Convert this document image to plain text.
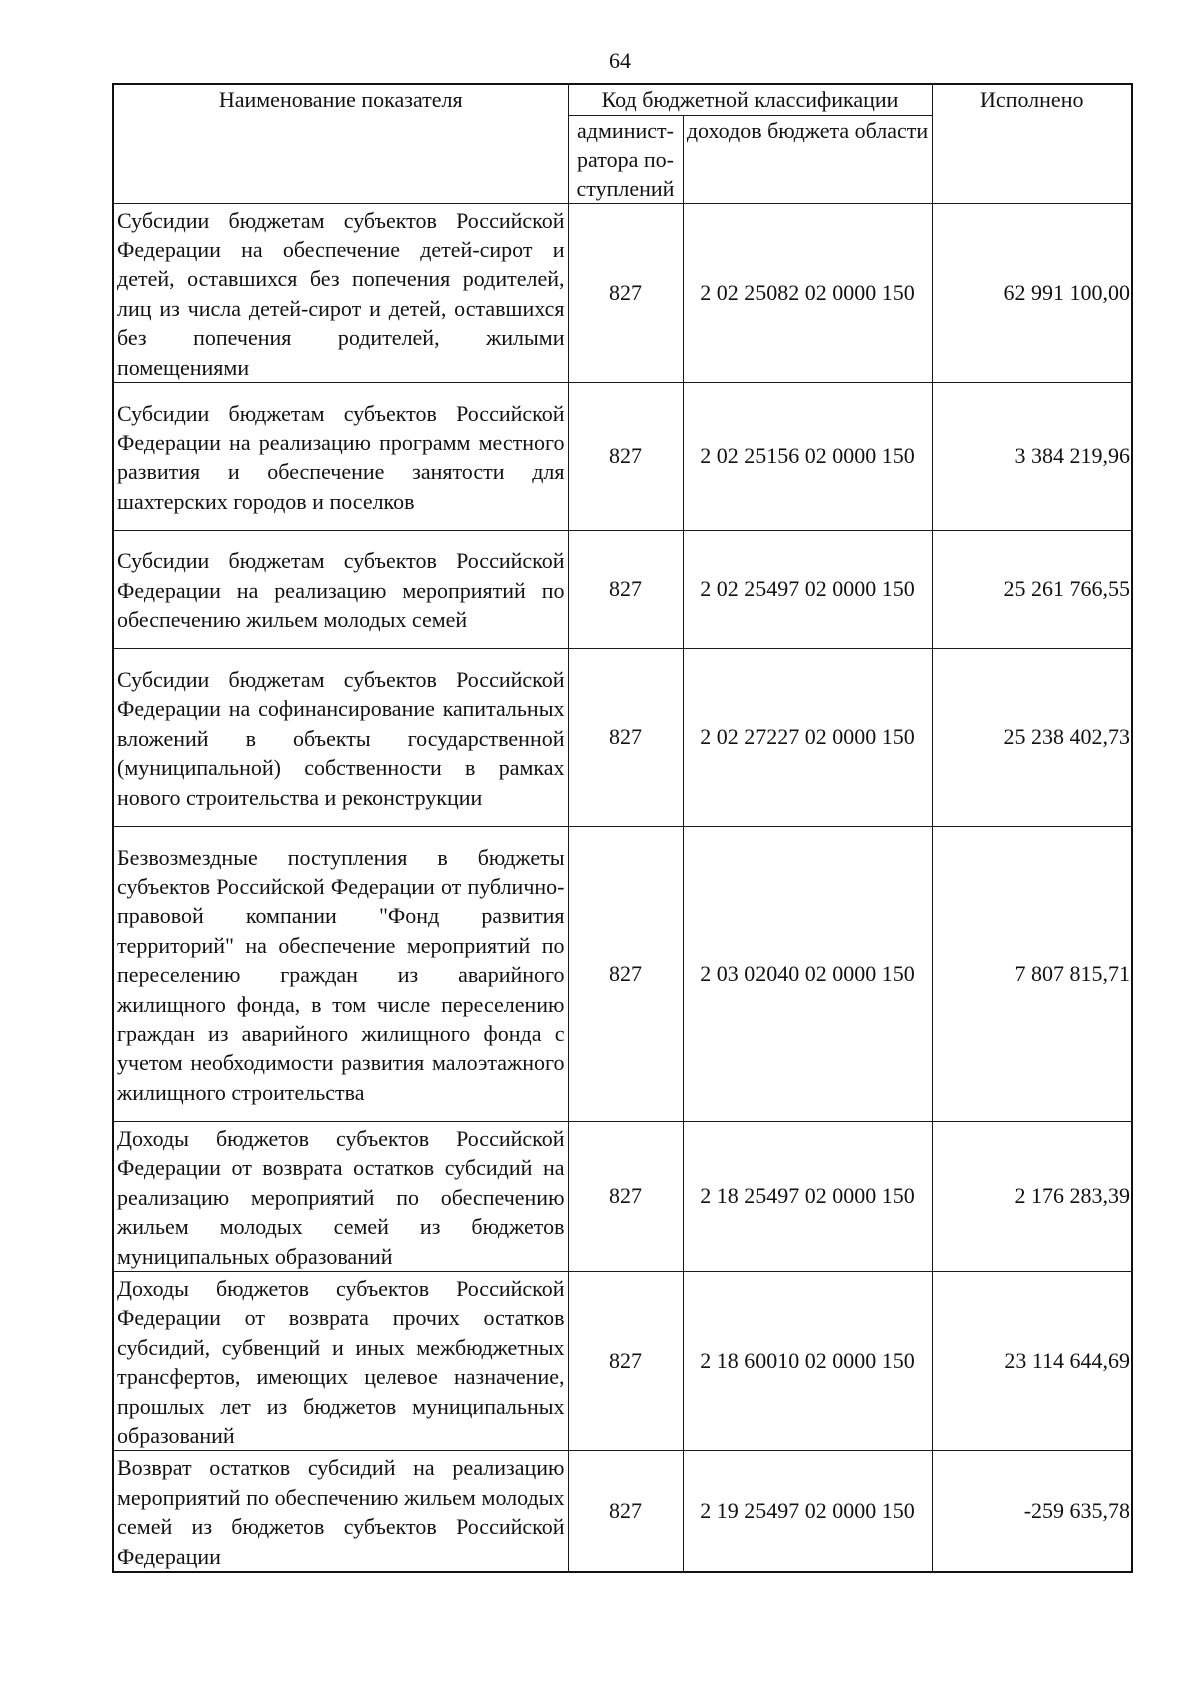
64
Наименование показателя	Код бюджетной классификации		Исполнено
	админист-ратора по-ступлений	доходов бюджета области	
Субсидии бюджетам субъектов Российской Федерации на обеспечение детей-сирот и детей, оставшихся без попечения родителей, лиц из числа детей-сирот и детей, оставшихся без попечения родителей, жилыми помещениями	827	2 02 25082 02 0000 150	62 991 100,00
Субсидии бюджетам субъектов Российской Федерации на реализацию программ местного развития и обеспечение занятости для шахтерских городов и поселков	827	2 02 25156 02 0000 150	3 384 219,96
Субсидии бюджетам субъектов Российской Федерации на реализацию мероприятий по обеспечению жильем молодых семей	827	2 02 25497 02 0000 150	25 261 766,55
Субсидии бюджетам субъектов Российской Федерации на софинансирование капитальных вложений в объекты государственной (муниципальной) собственности в рамках нового строительства и реконструкции	827	2 02 27227 02 0000 150	25 238 402,73
Безвозмездные поступления в бюджеты субъектов Российской Федерации от публично-правовой компании "Фонд развития территорий" на обеспечение мероприятий по переселению граждан из аварийного жилищного фонда, в том числе переселению граждан из аварийного жилищного фонда с учетом необходимости развития малоэтажного жилищного строительства	827	2 03 02040 02 0000 150	7 807 815,71
Доходы бюджетов субъектов Российской Федерации от возврата остатков субсидий на реализацию мероприятий по обеспечению жильем молодых семей из бюджетов муниципальных образований	827	2 18 25497 02 0000 150	2 176 283,39
Доходы бюджетов субъектов Российской Федерации от возврата прочих остатков субсидий, субвенций и иных межбюджетных трансфертов, имеющих целевое назначение, прошлых лет из бюджетов муниципальных образований	827	2 18 60010 02 0000 150	23 114 644,69
Возврат остатков субсидий на реализацию мероприятий по обеспечению жильем молодых семей из бюджетов субъектов Российской Федерации	827	2 19 25497 02 0000 150	-259 635,78
